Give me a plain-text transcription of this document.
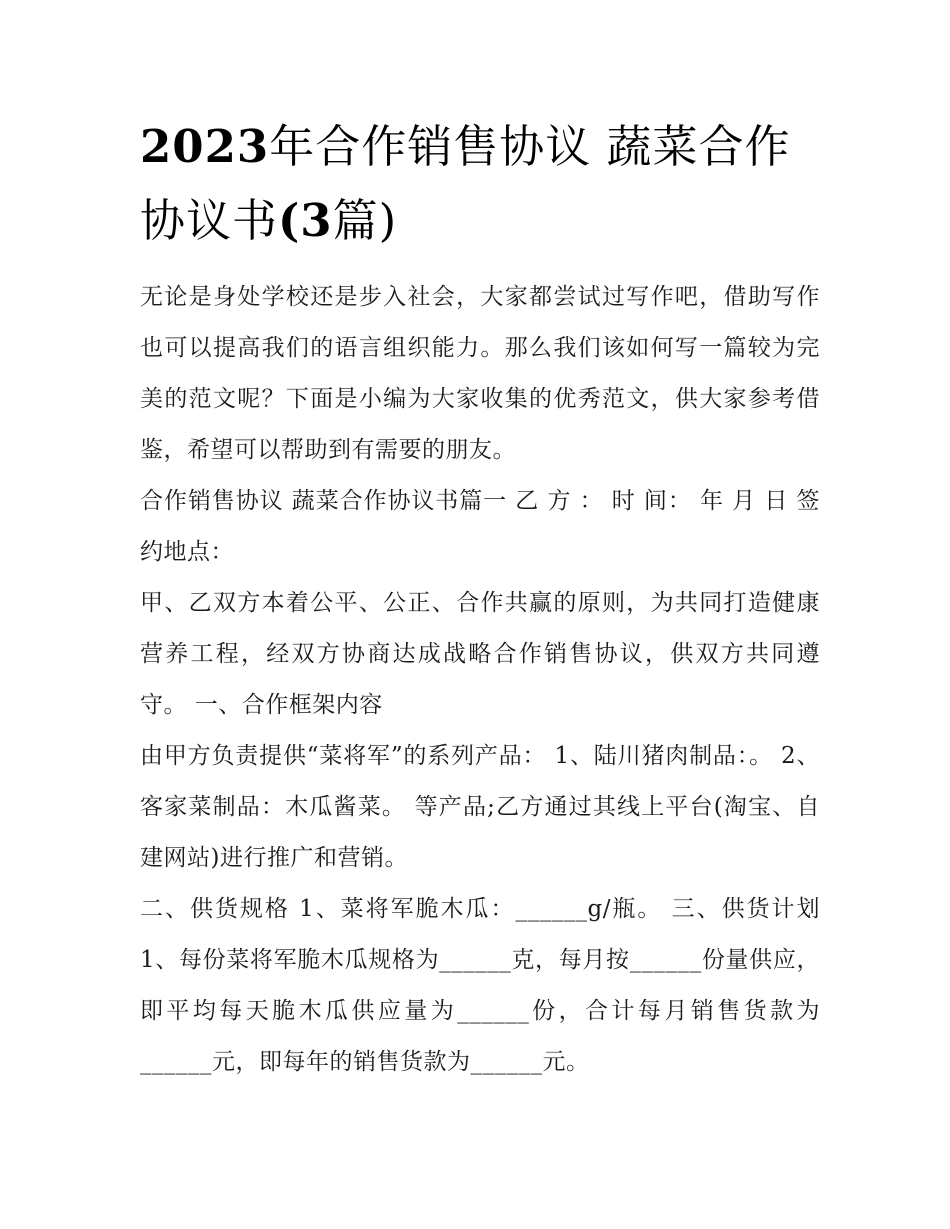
2023年合作销售协议 蔬菜合作协议书(3篇)

无论是身处学校还是步入社会，大家都尝试过写作吧，借助写作也可以提高我们的语言组织能力。那么我们该如何写一篇较为完美的范文呢？下面是小编为大家收集的优秀范文，供大家参考借鉴，希望可以帮助到有需要的朋友。

合作销售协议 蔬菜合作协议书篇一 乙 方 ： 时 间： 年 月 日 签约地点：

甲、乙双方本着公平、公正、合作共赢的原则，为共同打造健康营养工程，经双方协商达成战略合作销售协议，供双方共同遵守。 一、合作框架内容

由甲方负责提供“菜将军”的系列产品： 1、陆川猪肉制品：。 2、客家菜制品：木瓜酱菜。 等产品;乙方通过其线上平台(淘宝、自建网站)进行推广和营销。

二、供货规格 1、菜将军脆木瓜：______g/瓶。 三、供货计划 1、每份菜将军脆木瓜规格为______克，每月按______份量供应，即平均每天脆木瓜供应量为______份，合计每月销售货款为______元，即每年的销售货款为______元。
